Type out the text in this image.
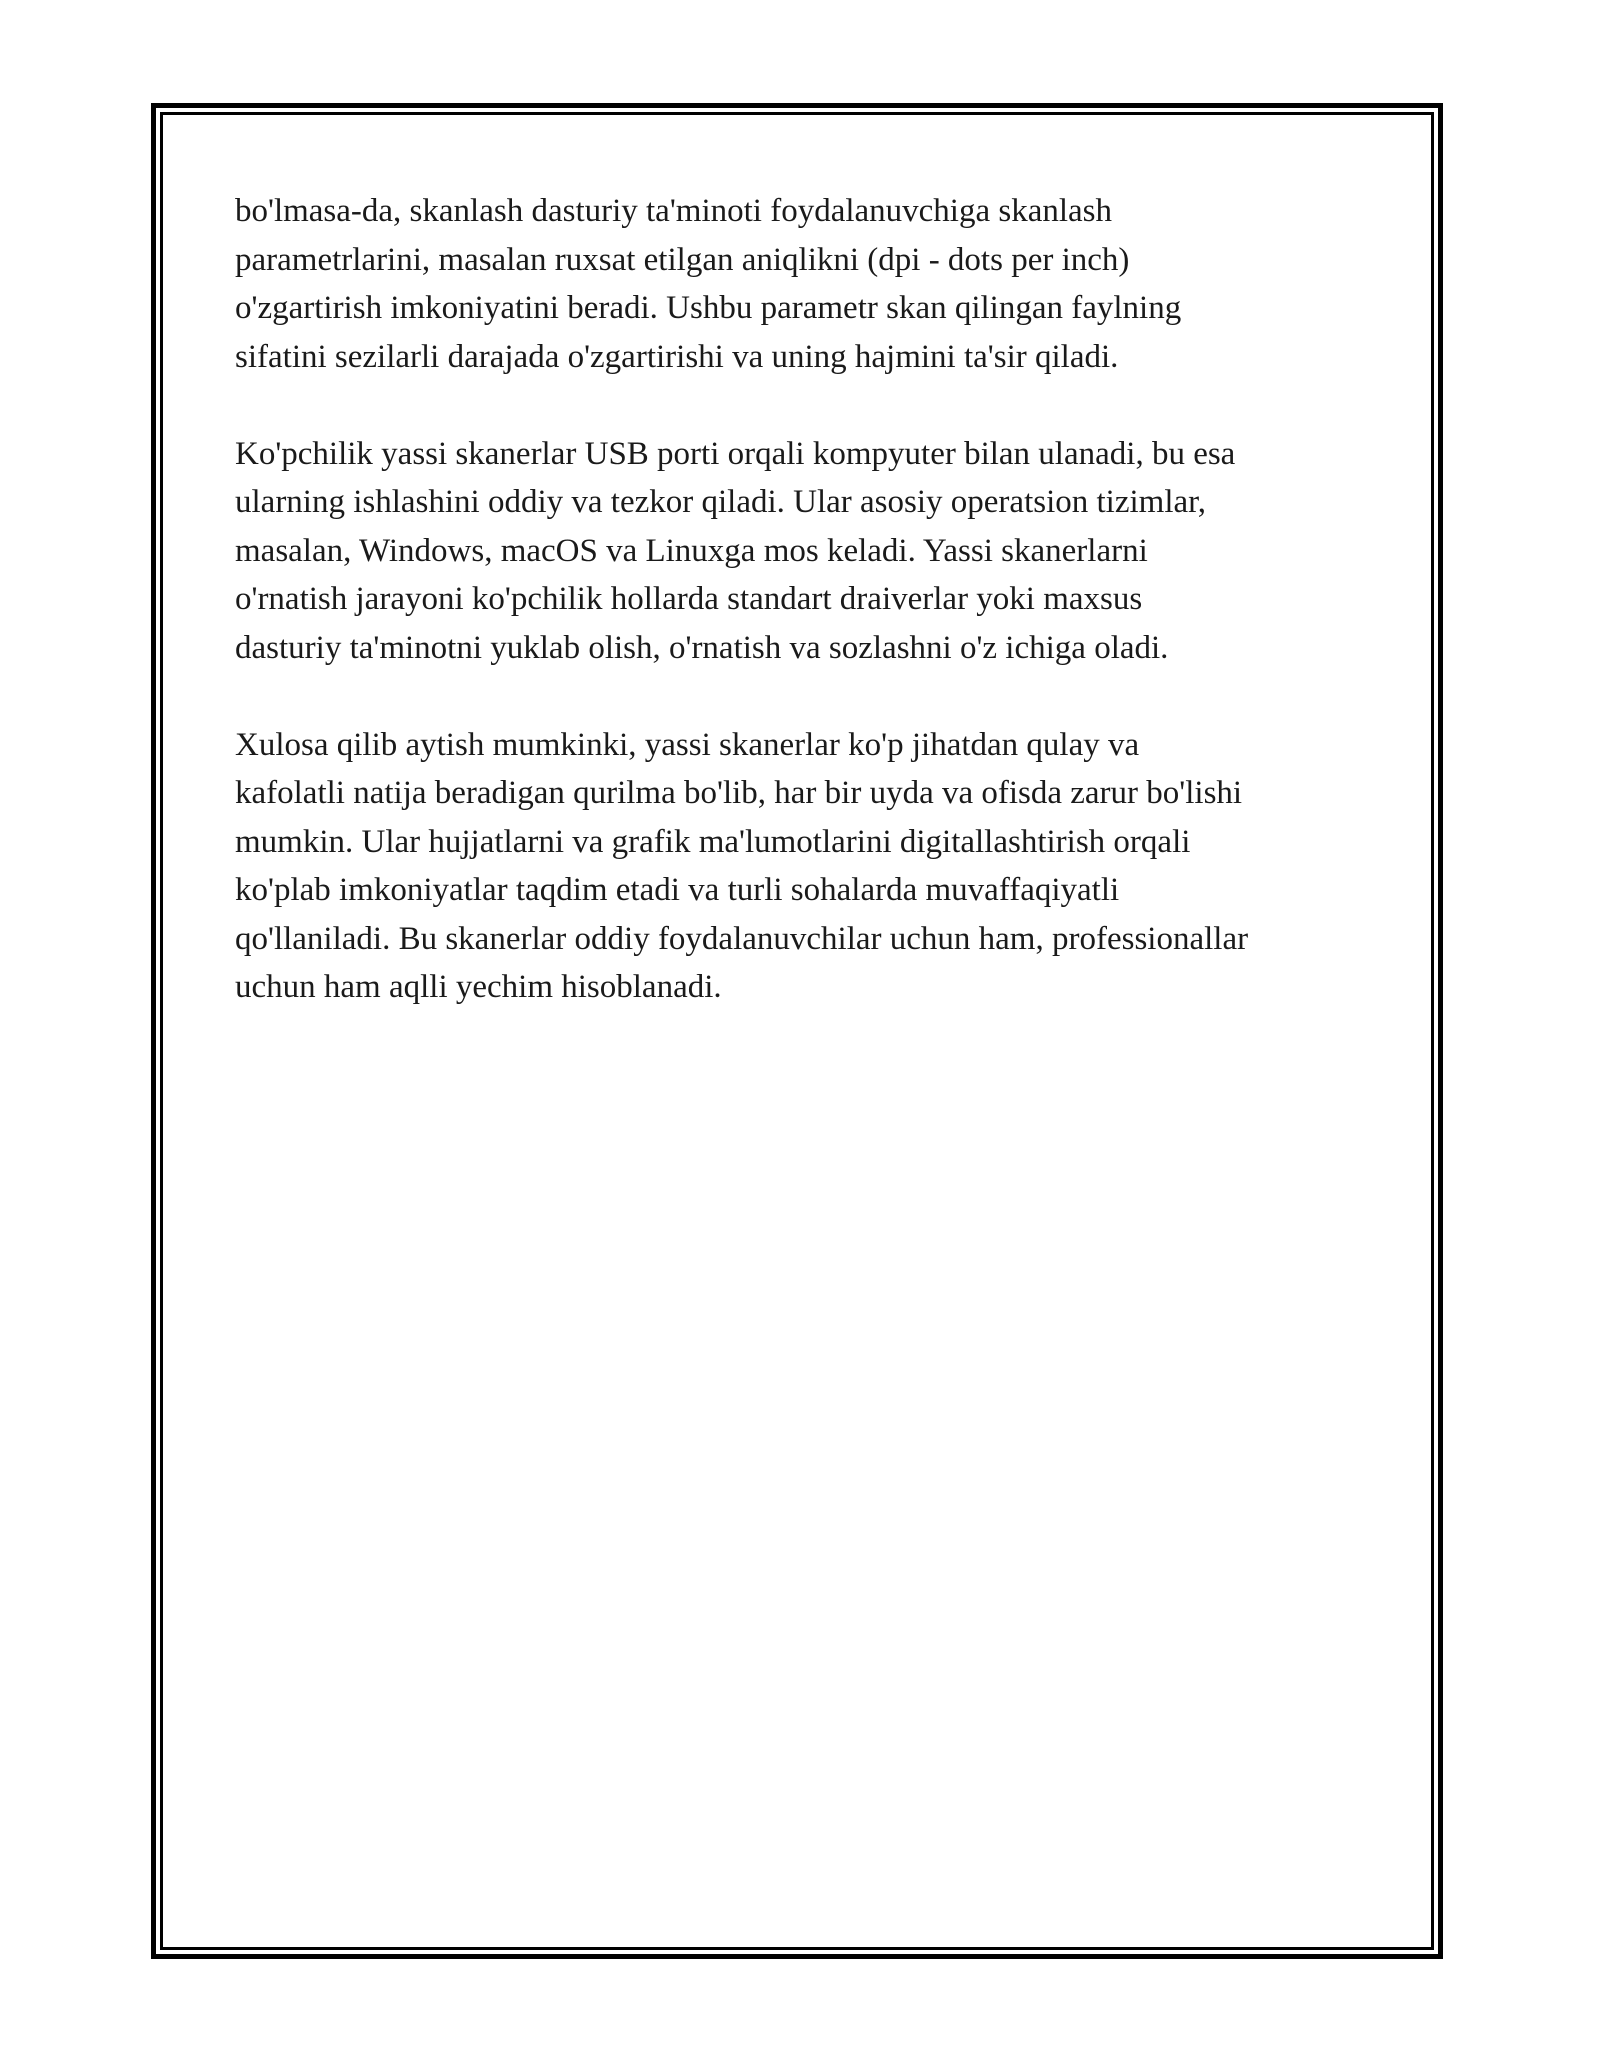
bo'lmasa-da, skanlash dasturiy ta'minoti foydalanuvchiga skanlash
parametrlarini, masalan ruxsat etilgan aniqlikni (dpi - dots per inch)
o'zgartirish imkoniyatini beradi. Ushbu parametr skan qilingan faylning
sifatini sezilarli darajada o'zgartirishi va uning hajmini ta'sir qiladi.

Ko'pchilik yassi skanerlar USB porti orqali kompyuter bilan ulanadi, bu esa
ularning ishlashini oddiy va tezkor qiladi. Ular asosiy operatsion tizimlar,
masalan, Windows, macOS va Linuxga mos keladi. Yassi skanerlarni
o'rnatish jarayoni ko'pchilik hollarda standart draiverlar yoki maxsus
dasturiy ta'minotni yuklab olish, o'rnatish va sozlashni o'z ichiga oladi.

Xulosa qilib aytish mumkinki, yassi skanerlar ko'p jihatdan qulay va
kafolatli natija beradigan qurilma bo'lib, har bir uyda va ofisda zarur bo'lishi
mumkin. Ular hujjatlarni va grafik ma'lumotlarini digitallashtirish orqali
ko'plab imkoniyatlar taqdim etadi va turli sohalarda muvaffaqiyatli
qo'llaniladi. Bu skanerlar oddiy foydalanuvchilar uchun ham, professionallar
uchun ham aqlli yechim hisoblanadi.
